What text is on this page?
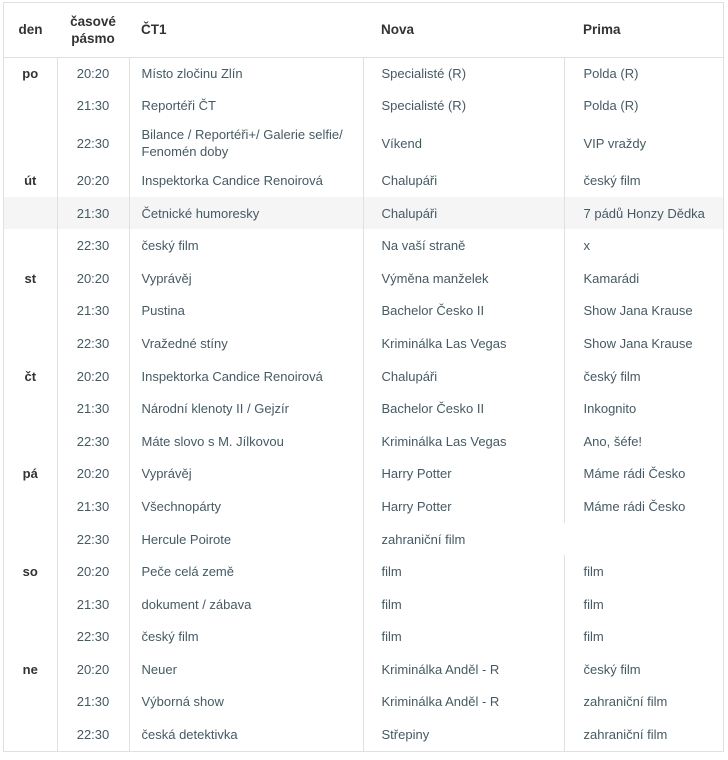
den	časové pásmo	ČT1	Nova	Prima
po	20:20	Místo zločinu Zlín	Specialisté (R)	Polda (R)
	21:30	Reportéři ČT	Specialisté (R)	Polda (R)
	22:30	Bilance / Reportéři+/ Galerie selfie/ Fenomén doby	Víkend	VIP vraždy
út	20:20	Inspektorka Candice Renoirová	Chalupáři	český film
	21:30	Četnické humoresky	Chalupáři	7 pádů Honzy Dědka
	22:30	český film	Na vaší straně	x
st	20:20	Vyprávěj	Výměna manželek	Kamarádi
	21:30	Pustina	Bachelor Česko II	Show Jana Krause
	22:30	Vražedné stíny	Kriminálka Las Vegas	Show Jana Krause
čt	20:20	Inspektorka Candice Renoirová	Chalupáři	český film
	21:30	Národní klenoty II / Gejzír	Bachelor Česko II	Inkognito
	22:30	Máte slovo s M. Jílkovou	Kriminálka Las Vegas	Ano, šéfe!
pá	20:20	Vyprávěj	Harry Potter	Máme rádi Česko
	21:30	Všechnopárty	Harry Potter	Máme rádi Česko
	22:30	Hercule Poirote	zahraniční film	
so	20:20	Peče celá země	film	film
	21:30	dokument / zábava	film	film
	22:30	český film	film	film
ne	20:20	Neuer	Kriminálka Anděl - R	český film
	21:30	Výborná show	Kriminálka Anděl - R	zahraniční film
	22:30	česká detektivka	Střepiny	zahraniční film
